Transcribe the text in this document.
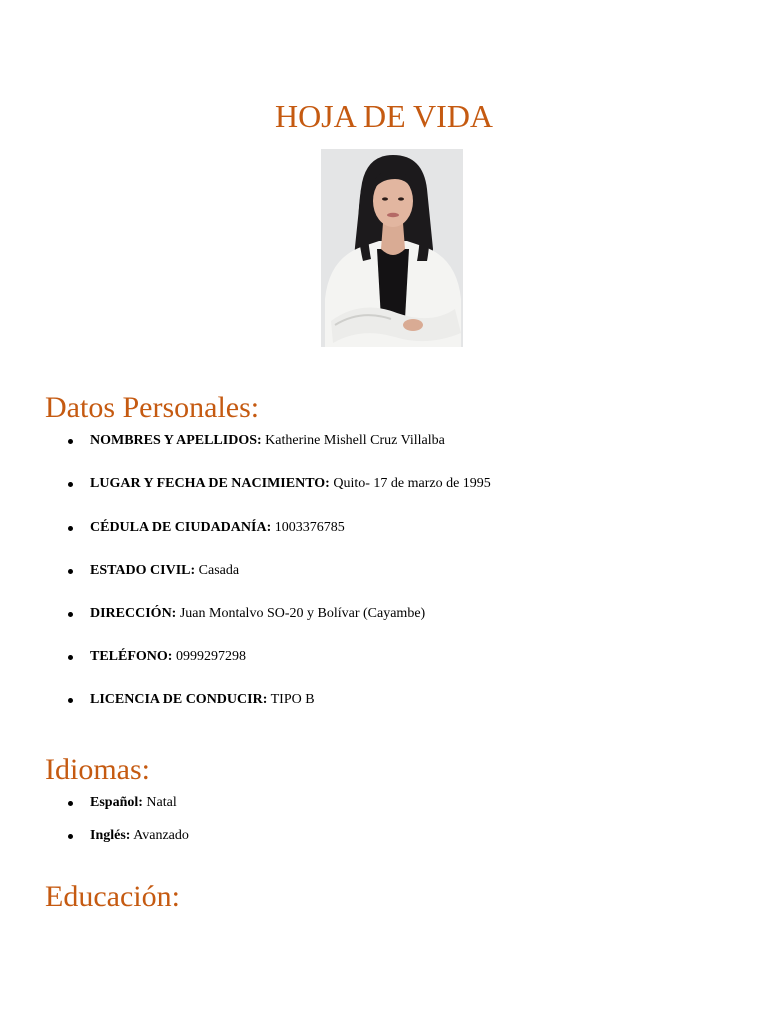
HOJA DE VIDA
Datos Personales:
NOMBRES Y APELLIDOS: Katherine Mishell Cruz Villalba
LUGAR Y FECHA DE NACIMIENTO: Quito- 17 de marzo de 1995
CÉDULA DE CIUDADANÍA: 1003376785
ESTADO CIVIL: Casada
DIRECCIÓN: Juan Montalvo SO-20 y Bolívar (Cayambe)
TELÉFONO: 0999297298
LICENCIA DE CONDUCIR: TIPO B
Idiomas:
Español: Natal
Inglés: Avanzado
Educación:
